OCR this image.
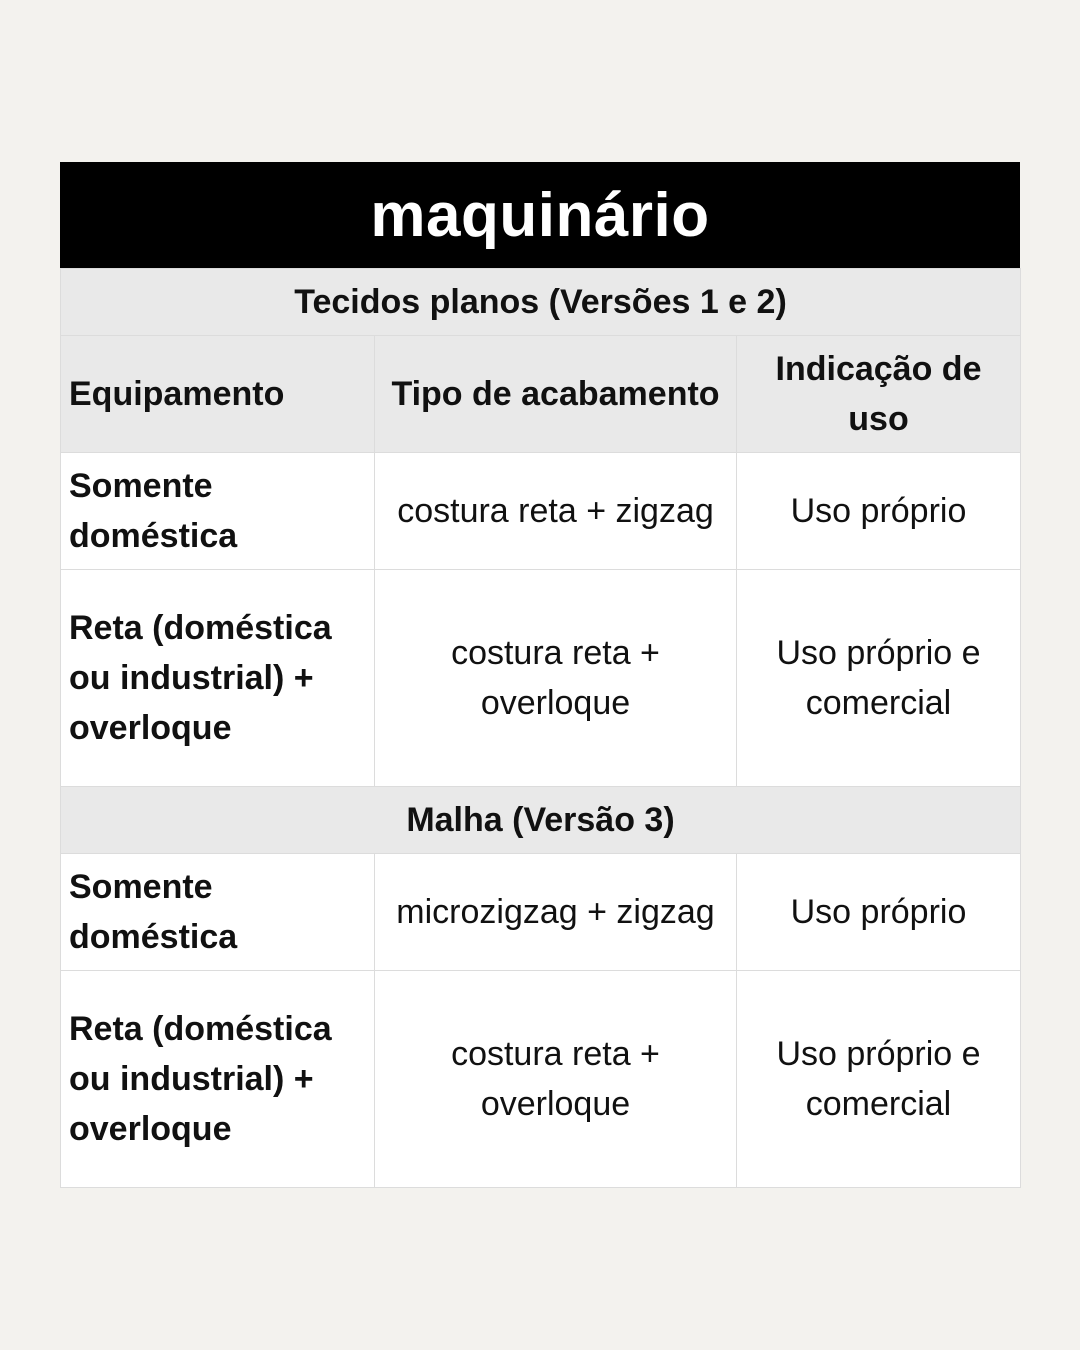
maquinário
Tecidos planos (Versões 1 e 2)		
Equipamento	Tipo de acabamento	Indicação de uso
Somente doméstica	costura reta + zigzag	Uso próprio
Reta (doméstica ou industrial) + overloque	costura reta + overloque	Uso próprio e comercial
Malha (Versão 3)		
Somente doméstica	microzigzag + zigzag	Uso próprio
Reta (doméstica ou industrial) + overloque	costura reta + overloque	Uso próprio e comercial
